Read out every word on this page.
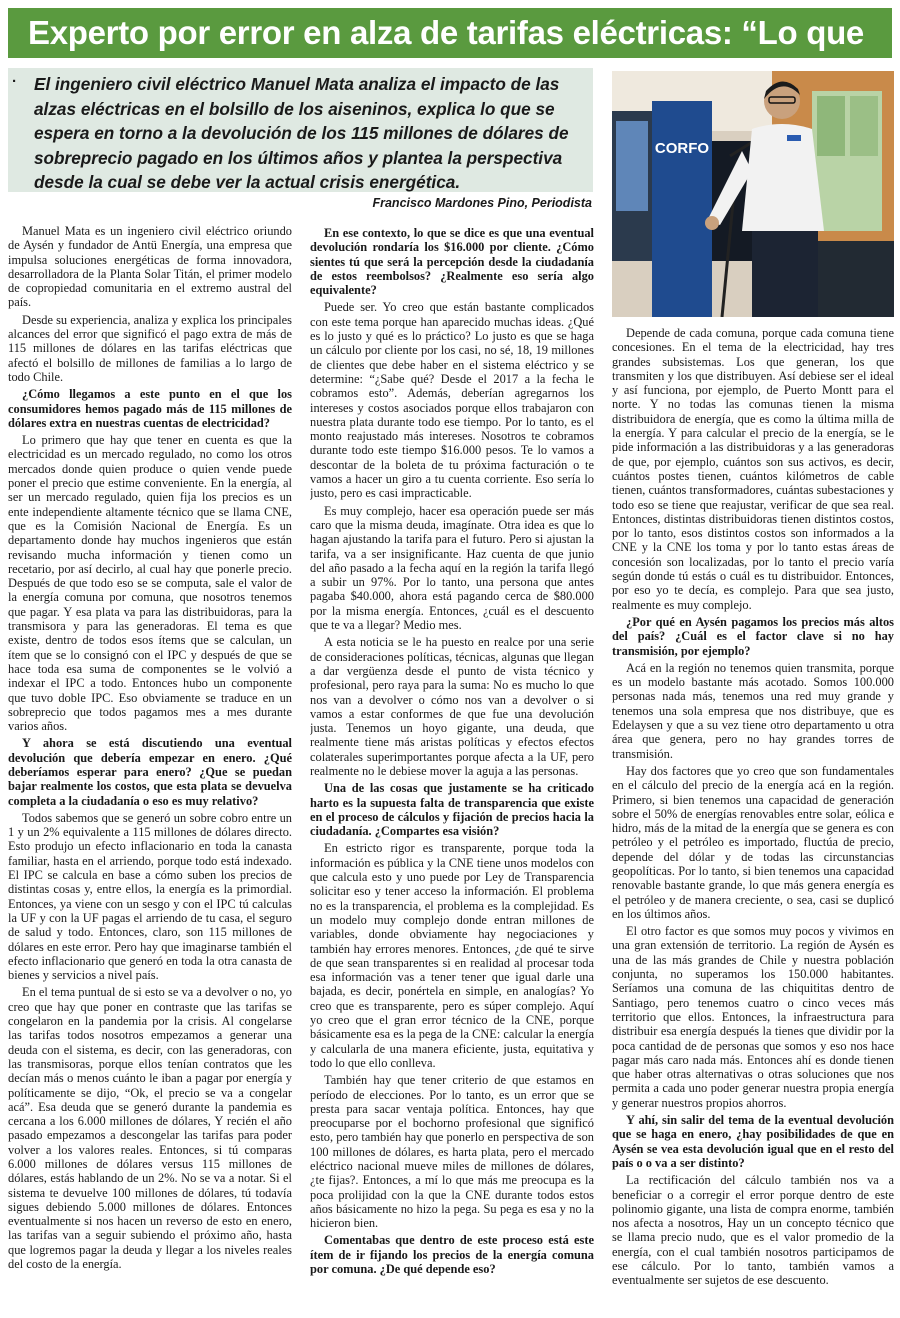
Experto por error en alza de tarifas eléctricas: “Lo que
· El ingeniero civil eléctrico Manuel Mata analiza el impacto de las alzas eléctricas en el bolsillo de los aiseninos, explica lo que se espera en torno a la devolución de los 115 millones de dólares de sobreprecio pagado en los últimos años y plantea la perspectiva desde la cual se debe ver la actual crisis energética.

Francisco Mardones Pino, Periodista
CORFO

Manuel Mata es un ingeniero civil eléctrico oriundo de Aysén y fundador de Antü Energía, una empresa que impulsa soluciones energéticas de forma innovadora, desarrolladora de la Planta Solar Titán, el primer modelo de copropiedad comunitaria en el extremo austral del país.

Desde su experiencia, analiza y explica los principales alcances del error que significó el pago extra de más de 115 millones de dólares en las tarifas eléctricas que afectó el bolsillo de millones de familias a lo largo de todo Chile.

¿Cómo llegamos a este punto en el que los consumidores hemos pagado más de 115 millones de dólares extra en nuestras cuentas de electricidad?

Lo primero que hay que tener en cuenta es que la electricidad es un mercado regulado, no como los otros mercados donde quien produce o quien vende puede poner el precio que estime conveniente. En la energía, al ser un mercado regulado, quien fija los precios es un ente independiente altamente técnico que se llama CNE, que es la Comisión Nacional de Energía. Es un departamento donde hay muchos ingenieros que están revisando mucha información y tienen como un recetario, por así decirlo, al cual hay que ponerle precio. Después de que todo eso se se computa, sale el valor de la energía comuna por comuna, que nosotros tenemos que pagar. Y esa plata va para las distribuidoras, para la transmisora y para las generadoras. El tema es que existe, dentro de todos esos ítems que se calculan, un ítem que se lo consignó con el IPC y después de que se hace toda esa suma de componentes se le volvió a indexar el IPC a todo. Entonces hubo un componente que tuvo doble IPC. Eso obviamente se traduce en un sobreprecio que todos pagamos mes a mes durante varios años.

Y ahora se está discutiendo una eventual devolución que debería empezar en enero. ¿Qué deberíamos esperar para enero? ¿Que se puedan bajar realmente los costos, que esta plata se devuelva completa a la ciudadanía o eso es muy relativo?

Todos sabemos que se generó un sobre cobro entre un 1 y un 2% equivalente a 115 millones de dólares directo. Esto produjo un efecto inflacionario en toda la canasta familiar, hasta en el arriendo, porque todo está indexado. El IPC se calcula en base a cómo suben los precios de distintas cosas y, entre ellos, la energía es la primordial. Entonces, ya viene con un sesgo y con el IPC tú calculas la UF y con la UF pagas el arriendo de tu casa, el seguro de salud y todo. Entonces, claro, son 115 millones de dólares en este error. Pero hay que imaginarse también el efecto inflacionario que generó en toda la otra canasta de bienes y servicios a nivel país.

En el tema puntual de si esto se va a devolver o no, yo creo que hay que poner en contraste que las tarifas se congelaron en la pandemia por la crisis. Al congelarse las tarifas todos nosotros empezamos a generar una deuda con el sistema, es decir, con las generadoras, con las transmisoras, porque ellos tenían contratos que les decían más o menos cuánto le iban a pagar por energía y políticamente se dijo, “Ok, el precio se va a congelar acá”. Esa deuda que se generó durante la pandemia es cercana a los 6.000 millones de dólares, Y recién el año pasado empezamos a descongelar las tarifas para poder volver a los valores reales. Entonces, si tú comparas 6.000 millones de dólares versus 115 millones de dólares, estás hablando de un 2%. No se va a notar. Si el sistema te devuelve 100 millones de dólares, tú todavía sigues debiendo 5.000 millones de dólares. Entonces eventualmente si nos hacen un reverso de esto en enero, las tarifas van a seguir subiendo el próximo año, hasta que logremos pagar la deuda y llegar a los niveles reales del costo de la energía.

En ese contexto, lo que se dice es que una eventual devolución rondaría los $16.000 por cliente. ¿Cómo sientes tú que será la percepción desde la ciudadanía de estos reembolsos? ¿Realmente eso sería algo equivalente?

Puede ser. Yo creo que están bastante complicados con este tema porque han aparecido muchas ideas. ¿Qué es lo justo y qué es lo práctico? Lo justo es que se haga un cálculo por cliente por los casi, no sé, 18, 19 millones de clientes que debe haber en el sistema eléctrico y se determine: “¿Sabe qué? Desde el 2017 a la fecha le cobramos esto”. Además, deberían agregarnos los intereses y costos asociados porque ellos trabajaron con nuestra plata durante todo ese tiempo. Por lo tanto, es el monto reajustado más intereses. Nosotros te cobramos durante todo este tiempo $16.000 pesos. Te lo vamos a descontar de la boleta de tu próxima facturación o te vamos a hacer un giro a tu cuenta corriente. Eso sería lo justo, pero es casi impracticable.

Es muy complejo, hacer esa operación puede ser más caro que la misma deuda, imagínate. Otra idea es que lo hagan ajustando la tarifa para el futuro. Pero si ajustan la tarifa, va a ser insignificante. Haz cuenta de que junio del año pasado a la fecha aquí en la región la tarifa llegó a subir un 97%. Por lo tanto, una persona que antes pagaba $40.000, ahora está pagando cerca de $80.000 por la misma energía. Entonces, ¿cuál es el descuento que te va a llegar? Medio mes.

A esta noticia se le ha puesto en realce por una serie de consideraciones políticas, técnicas, algunas que llegan a dar vergüenza desde el punto de vista técnico y profesional, pero raya para la suma: No es mucho lo que nos van a devolver o cómo nos van a devolver o si vamos a estar conformes de que fue una devolución justa. Tenemos un hoyo gigante, una deuda, que realmente tiene más aristas políticas y efectos efectos colaterales superimportantes porque afecta a la UF, pero realmente no le debiese mover la aguja a las personas.

Una de las cosas que justamente se ha criticado harto es la supuesta falta de transparencia que existe en el proceso de cálculos y fijación de precios hacia la ciudadanía. ¿Compartes esa visión?

En estricto rigor es transparente, porque toda la información es pública y la CNE tiene unos modelos con que calcula esto y uno puede por Ley de Transparencia solicitar eso y tener acceso la información. El problema no es la transparencia, el problema es la complejidad. Es un modelo muy complejo donde entran millones de variables, donde obviamente hay negociaciones y también hay errores menores. Entonces, ¿de qué te sirve de que sean transparentes si en realidad al procesar toda esa información vas a tener tener que igual darle una bajada, es decir, ponértela en simple, en analogías? Yo creo que es transparente, pero es súper complejo. Aquí yo creo que el gran error técnico de la CNE, porque básicamente esa es la pega de la CNE: calcular la energía y calcularla de una manera eficiente, justa, equitativa y todo lo que ello conlleva.

También hay que tener criterio de que estamos en período de elecciones. Por lo tanto, es un error que se presta para sacar ventaja política. Entonces, hay que preocuparse por el bochorno profesional que significó esto, pero también hay que ponerlo en perspectiva de son 100 millones de dólares, es harta plata, pero el mercado eléctrico nacional mueve miles de millones de dólares, ¿te fijas?. Entonces, a mí lo que más me preocupa es la poca prolijidad con la que la CNE durante todos estos años básicamente no hizo la pega. Su pega es esa y no la hicieron bien.

Comentabas que dentro de este proceso está este ítem de ir fijando los precios de la energía comuna por comuna. ¿De qué depende eso?

Depende de cada comuna, porque cada comuna tiene concesiones. En el tema de la electricidad, hay tres grandes subsistemas. Los que generan, los que transmiten y los que distribuyen. Así debiese ser el ideal y así funciona, por ejemplo, de Puerto Montt para el norte. Y no todas las comunas tienen la misma distribuidora de energía, que es como la última milla de la energía. Y para calcular el precio de la energía, se le pide información a las distribuidoras y a las generadoras de que, por ejemplo, cuántos son sus activos, es decir, cuántos postes tienen, cuántos kilómetros de cable tienen, cuántos transformadores, cuántas subestaciones y todo eso se tiene que reajustar, verificar de que sea real. Entonces, distintas distribuidoras tienen distintos costos, por lo tanto, esos distintos costos son informados a la CNE y la CNE los toma y por lo tanto estas áreas de concesión son localizadas, por lo tanto el precio varía según donde tú estás o cuál es tu distribuidor. Entonces, por eso yo te decía, es complejo. Para que sea justo, realmente es muy complejo.

¿Por qué en Aysén pagamos los precios más altos del país? ¿Cuál es el factor clave si no hay transmisión, por ejemplo?

Acá en la región no tenemos quien transmita, porque es un modelo bastante más acotado. Somos 100.000 personas nada más, tenemos una red muy grande y tenemos una sola empresa que nos distribuye, que es Edelaysen y que a su vez tiene otro departamento u otra área que genera, pero no hay grandes torres de transmisión.

Hay dos factores que yo creo que son fundamentales en el cálculo del precio de la energía acá en la región. Primero, si bien tenemos una capacidad de generación sobre el 50% de energías renovables entre solar, eólica e hidro, más de la mitad de la energía que se genera es con petróleo y el petróleo es importado, fluctúa de precio, depende del dólar y de todas las circunstancias geopolíticas. Por lo tanto, si bien tenemos una capacidad renovable bastante grande, lo que más genera energía es el petróleo y de manera creciente, o sea, casi se duplicó en los últimos años.

El otro factor es que somos muy pocos y vivimos en una gran extensión de territorio. La región de Aysén es una de las más grandes de Chile y nuestra población conjunta, no superamos los 150.000 habitantes. Seríamos una comuna de las chiquititas dentro de Santiago, pero tenemos cuatro o cinco veces más territorio que ellos. Entonces, la infraestructura para distribuir esa energía después la tienes que dividir por la poca cantidad de de personas que somos y eso nos hace pagar más caro nada más. Entonces ahí es donde tienen que haber otras alternativas o otras soluciones que nos permita a cada uno poder generar nuestra propia energía y generar nuestros propios ahorros.

Y ahí, sin salir del tema de la eventual devolución que se haga en enero, ¿hay posibilidades de que en Aysén se vea esta devolución igual que en el resto del país o o va a ser distinto?

La rectificación del cálculo también nos va a beneficiar o a corregir el error porque dentro de este polinomio gigante, una lista de compra enorme, también nos afecta a nosotros, Hay un un concepto técnico que se llama precio nudo, que es el valor promedio de la energía, con el cual también nosotros participamos de ese cálculo. Por lo tanto, también vamos a eventualmente ser sujetos de ese descuento.
